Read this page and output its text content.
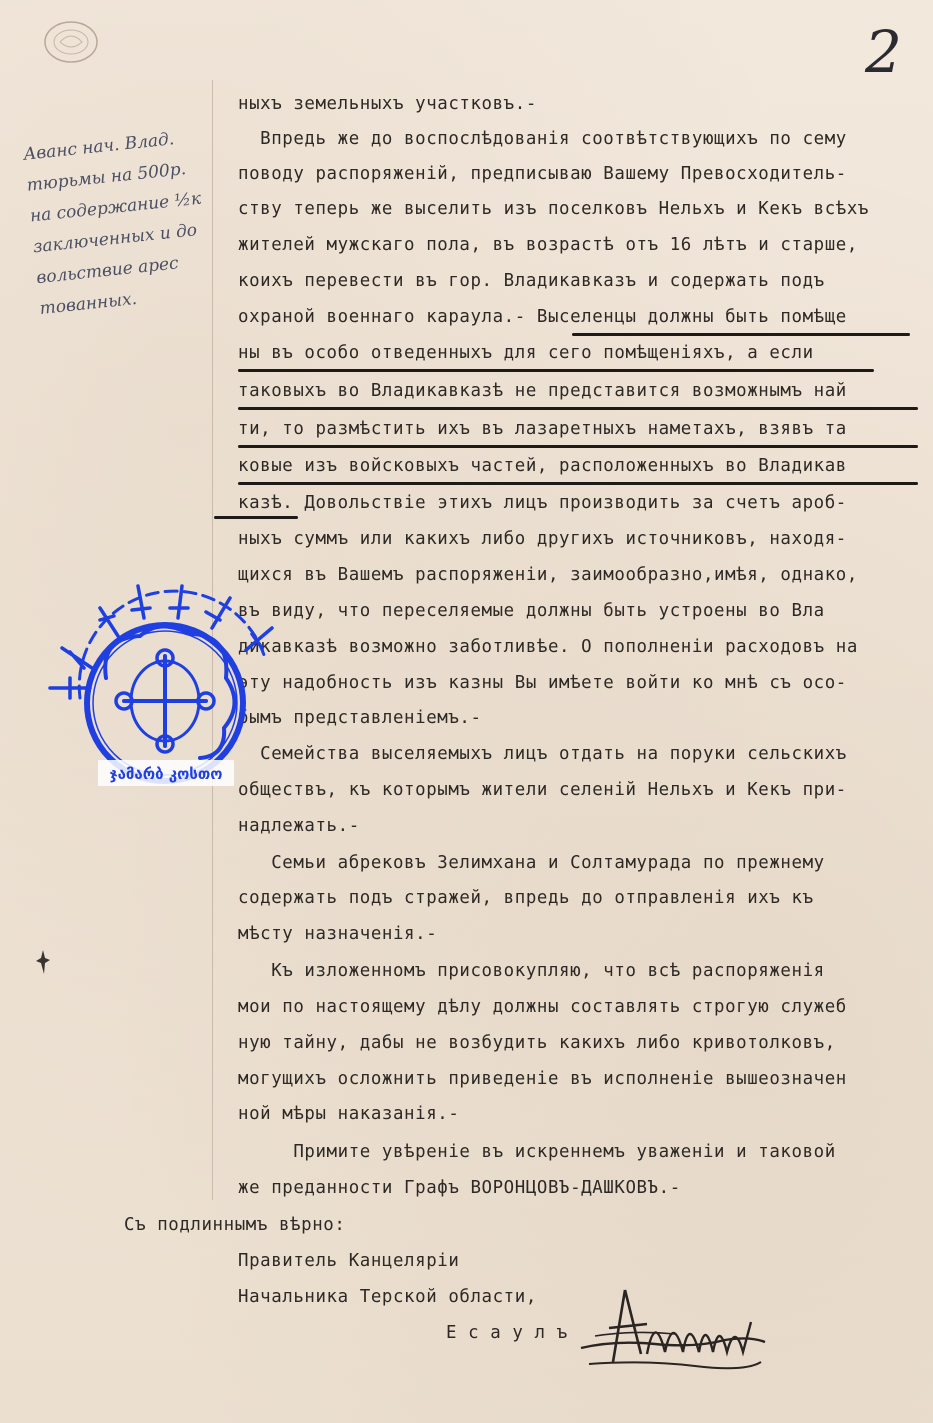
2
Аванс нач. Влад.
тюрьмы на 500р.
на содержание ½к
заключенных и до
вольствие арес
тованных.
ныхъ земельныхъ участковъ.-
Впредь же до воспослѣдованія соотвѣтствующихъ по сему
поводу распоряженій, предписываю Вашему Превосходитель-
ству теперь же выселить изъ поселковъ Нельхъ и Кекъ всѣхъ
жителей мужскаго пола, въ возрастѣ отъ 16 лѣтъ и старше,
коихъ перевести въ гор. Владикавказъ и содержать подъ
охраной военнаго караула.- Выселенцы должны быть помѣще
ны въ особо отведенныхъ для сего помѣщеніяхъ, а если
таковыхъ во Владикавказѣ не представится возможнымъ най
ти, то размѣстить ихъ въ лазаретныхъ наметахъ, взявъ та
ковые изъ войсковыхъ частей, расположенныхъ во Владикав
казѣ. Довольствіе этихъ лицъ производить за счетъ ароб-
ныхъ суммъ или какихъ либо другихъ источниковъ, находя-
щихся въ Вашемъ распоряженіи, заимообразно,имѣя, однако,
въ виду, что переселяемые должны быть устроены во Вла
дикавказѣ возможно заботливѣе. О пополненіи расходовъ на
эту надобность изъ казны Вы имѣете войти ко мнѣ съ осо-
бымъ представленіемъ.-
Семейства выселяемыхъ лицъ отдать на поруки сельскихъ
обществъ, къ которымъ жители селеній Нельхъ и Кекъ при-
надлежать.-
Семьи абрековъ Зелимхана и Солтамурада по прежнему
содержать подъ стражей, впредь до отправленія ихъ къ
мѣсту назначенія.-
Къ изложенномъ присовокупляю, что всѣ распоряженія
мои по настоящему дѣлу должны составлять строгую служеб
ную тайну, дабы не возбудить какихъ либо кривотолковъ,
могущихъ осложнить приведеніе въ исполненіе вышеозначен
ной мѣры наказанія.-
Примите увѣреніе въ искреннемъ уваженіи и таковой
же преданности Графъ ВОРОНЦОВЪ-ДАШКОВЪ.-
Съ подлиннымъ вѣрно:
Правитель Канцеляріи
Начальника Терской области,
Е с а у л ъ
ჯამარბ კოსთო
